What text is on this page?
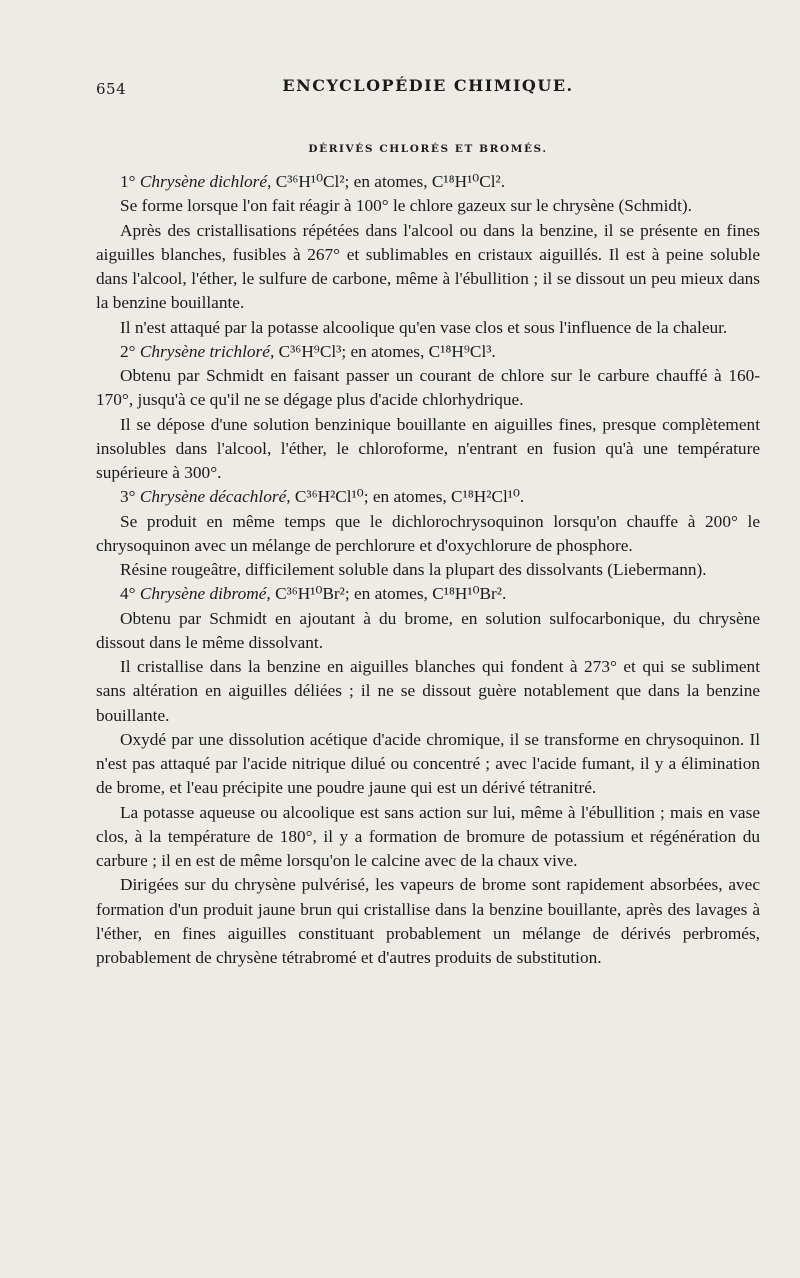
654	ENCYCLOPÉDIE CHIMIQUE.
DÉRIVÉS CHLORÉS ET BROMÉS.

1° Chrysène dichloré, C³⁶H¹⁰Cl²; en atomes, C¹⁸H¹⁰Cl².

Se forme lorsque l'on fait réagir à 100° le chlore gazeux sur le chrysène (Schmidt).

Après des cristallisations répétées dans l'alcool ou dans la benzine, il se présente en fines aiguilles blanches, fusibles à 267° et sublimables en cristaux aiguillés. Il est à peine soluble dans l'alcool, l'éther, le sulfure de carbone, même à l'ébullition ; il se dissout un peu mieux dans la benzine bouillante.

Il n'est attaqué par la potasse alcoolique qu'en vase clos et sous l'influence de la chaleur.

2° Chrysène trichloré, C³⁶H⁹Cl³; en atomes, C¹⁸H⁹Cl³.

Obtenu par Schmidt en faisant passer un courant de chlore sur le carbure chauffé à 160-170°, jusqu'à ce qu'il ne se dégage plus d'acide chlorhydrique.

Il se dépose d'une solution benzinique bouillante en aiguilles fines, presque complètement insolubles dans l'alcool, l'éther, le chloroforme, n'entrant en fusion qu'à une température supérieure à 300°.

3° Chrysène décachloré, C³⁶H²Cl¹⁰; en atomes, C¹⁸H²Cl¹⁰.

Se produit en même temps que le dichlorochrysoquinon lorsqu'on chauffe à 200° le chrysoquinon avec un mélange de perchlorure et d'oxychlorure de phosphore.

Résine rougeâtre, difficilement soluble dans la plupart des dissolvants (Liebermann).

4° Chrysène dibromé, C³⁶H¹⁰Br²; en atomes, C¹⁸H¹⁰Br².

Obtenu par Schmidt en ajoutant à du brome, en solution sulfocarbonique, du chrysène dissout dans le même dissolvant.

Il cristallise dans la benzine en aiguilles blanches qui fondent à 273° et qui se subliment sans altération en aiguilles déliées ; il ne se dissout guère notablement que dans la benzine bouillante.

Oxydé par une dissolution acétique d'acide chromique, il se transforme en chrysoquinon. Il n'est pas attaqué par l'acide nitrique dilué ou concentré ; avec l'acide fumant, il y a élimination de brome, et l'eau précipite une poudre jaune qui est un dérivé tétranitré.

La potasse aqueuse ou alcoolique est sans action sur lui, même à l'ébullition ; mais en vase clos, à la température de 180°, il y a formation de bromure de potassium et régénération du carbure ; il en est de même lorsqu'on le calcine avec de la chaux vive.

Dirigées sur du chrysène pulvérisé, les vapeurs de brome sont rapidement absorbées, avec formation d'un produit jaune brun qui cristallise dans la benzine bouillante, après des lavages à l'éther, en fines aiguilles constituant probablement un mélange de dérivés perbromés, probablement de chrysène tétrabromé et d'autres produits de substitution.
